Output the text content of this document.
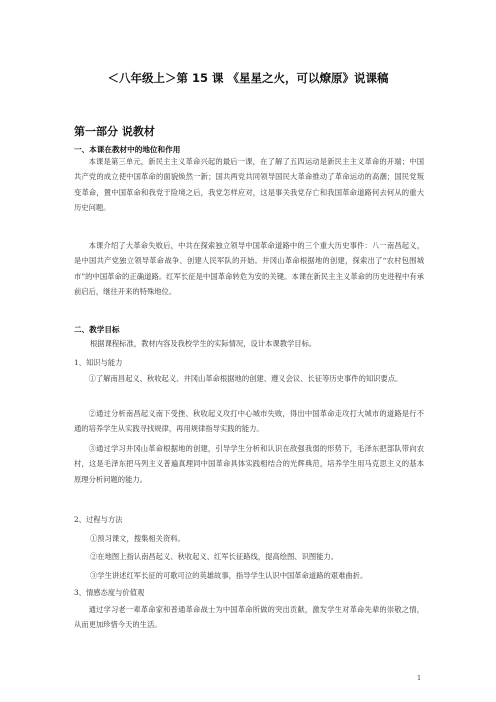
＜八年级上＞第 15 课 《星星之火，可以燎原》说课稿
第一部分 说教材
一、本课在教材中的地位和作用
本课是第三单元，新民主主义革命兴起的最后一课，在了解了五四运动是新民主主义革命的开端；中国共产党的成立使中国革命的面貌焕然一新；国共两党共同领导国民大革命推动了革命运动的高潮；国民党叛变革命，置中国革命和我党于险境之后，我党怎样应对，这是事关我党存亡和我国革命道路何去何从的重大历史问题。
本课介绍了大革命失败后，中共在探索独立领导中国革命道路中的三个重大历史事件：八一南昌起义，是中国共产党独立领导革命战争、创建人民军队的开始。井冈山革命根据地的创建，探索出了“农村包围城市”的中国革命的正确道路。红军长征是中国革命转危为安的关键。本课在新民主主义革命的历史进程中有承前启后，继往开来的特殊地位。
二、教学目标
根据课程标准，教材内容及我校学生的实际情况，设计本课教学目标。
1、知识与能力
①了解南昌起义、秋收起义、井冈山革命根据地的创建、遵义会议、长征等历史事件的知识要点。
②通过分析南昌起义南下受挫、秋收起义攻打中心城市失败，得出中国革命走攻打大城市的道路是行不通的培养学生从实践寻找规律，再用规律指导实践的能力。
③通过学习井冈山革命根据地的创建，引导学生分析和认识在敌强我弱的形势下，毛泽东把部队带向农村，这是毛泽东把马列主义普遍真理同中国革命具体实践相结合的光辉典范，培养学生用马克思主义的基本原理分析问题的能力。
2、过程与方法
①预习课文，搜集相关资料。
②在地图上指认南昌起义、秋收起义、红军长征路线，提高绘图、识图能力。
③学生讲述红军长征的可歌可泣的英雄故事，指导学生认识中国革命道路的艰难曲折。
3、情感态度与价值观
通过学习老一辈革命家和普通革命战士为中国革命所做的突出贡献，激发学生对革命先辈的崇敬之情，从而更加珍惜今天的生活。
1
